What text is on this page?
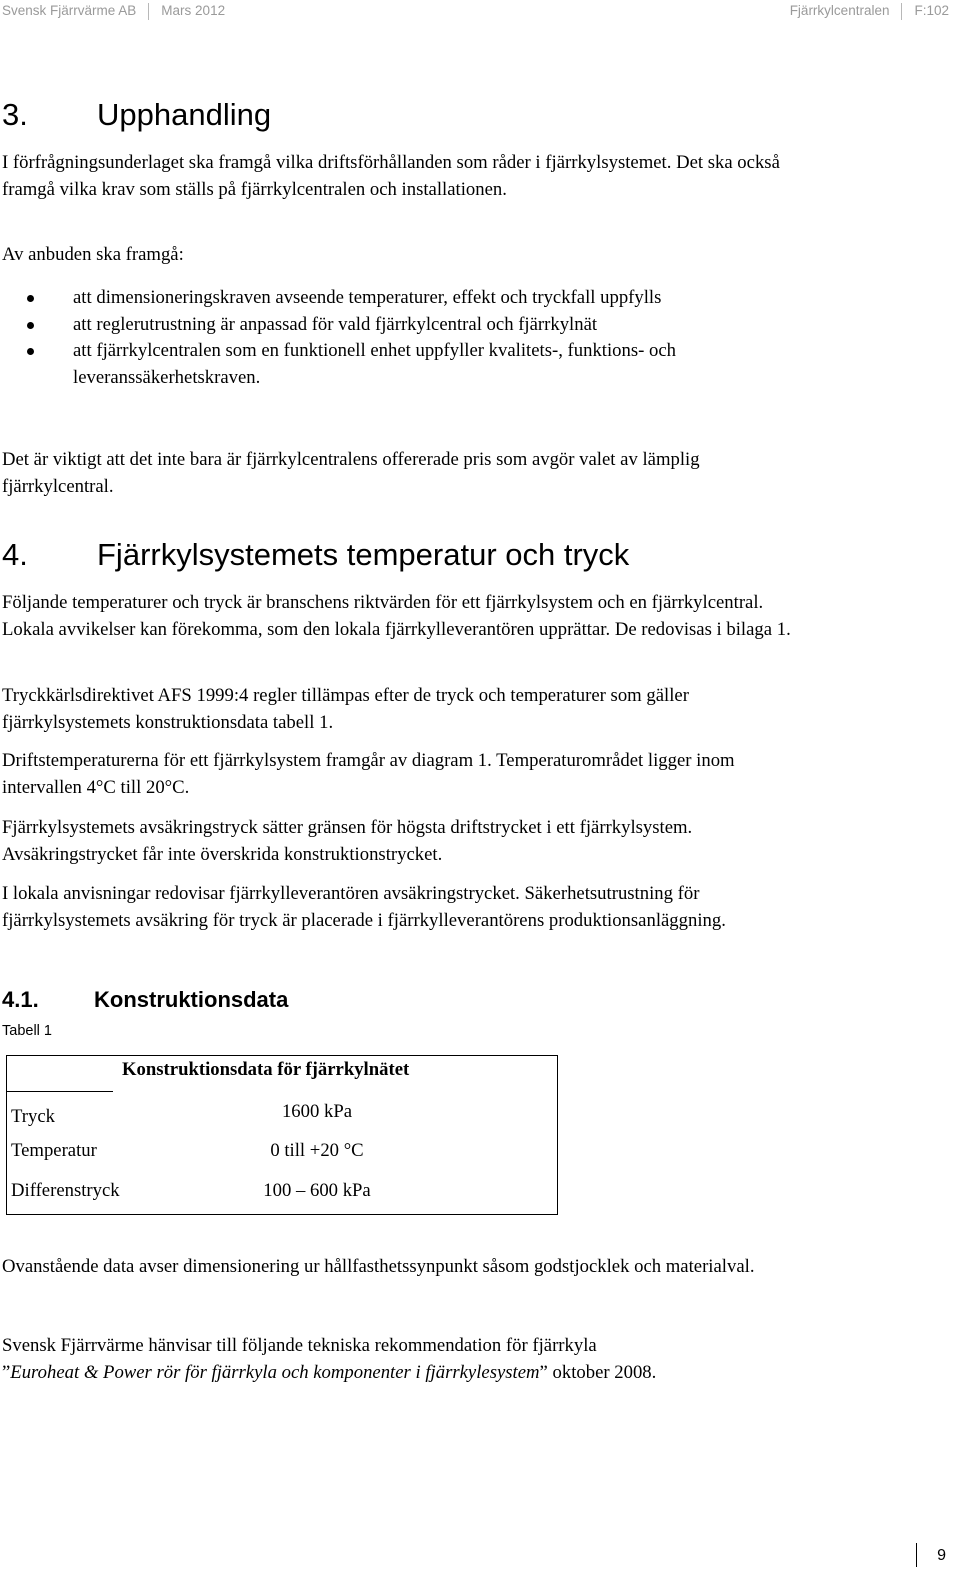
Svensk Fjärrvärme AB Mars 2012	Fjärrkylcentralen F:102
3. Upphandling

I förfrågningsunderlaget ska framgå vilka driftsförhållanden som råder i fjärrkylsystemet. Det ska också framgå vilka krav som ställs på fjärrkylcentralen och installationen.

Av anbuden ska framgå:

att dimensioneringskraven avseende temperaturer, effekt och tryckfall uppfylls
att reglerutrustning är anpassad för vald fjärrkylcentral och fjärrkylnät
att fjärrkylcentralen som en funktionell enhet uppfyller kvalitets-, funktions- och leveranssäkerhetskraven.

Det är viktigt att det inte bara är fjärrkylcentralens offererade pris som avgör valet av lämplig fjärrkylcentral.

4. Fjärrkylsystemets temperatur och tryck

Följande temperaturer och tryck är branschens riktvärden för ett fjärrkylsystem och en fjärrkylcentral. Lokala avvikelser kan förekomma, som den lokala fjärrkylleverantören upprättar. De redovisas i bilaga 1.

Tryckkärlsdirektivet AFS 1999:4 regler tillämpas efter de tryck och temperaturer som gäller fjärrkylsystemets konstruktionsdata tabell 1.

Driftstemperaturerna för ett fjärrkylsystem framgår av diagram 1. Temperaturområdet ligger inom intervallen 4°C till 20°C.

Fjärrkylsystemets avsäkringstryck sätter gränsen för högsta driftstrycket i ett fjärrkylsystem. Avsäkringstrycket får inte överskrida konstruktionstrycket.

I lokala anvisningar redovisar fjärrkylleverantören avsäkringstrycket. Säkerhetsutrustning för fjärrkylsystemets avsäkring för tryck är placerade i fjärrkylleverantörens produktionsanläggning.

4.1.	Konstruktionsdata
Tabell 1
Konstruktionsdata för fjärrkylnätet
Tryck	1600 kPa
Temperatur	0 till +20 °C
Differenstryck	100 – 600 kPa

Ovanstående data avser dimensionering ur hållfasthetssynpunkt såsom godstjocklek och materialval.

Svensk Fjärrvärme hänvisar till följande tekniska rekommendation för fjärrkyla
”Euroheat & Power rör för fjärrkyla och komponenter i fjärrkylesystem” oktober 2008.

9
